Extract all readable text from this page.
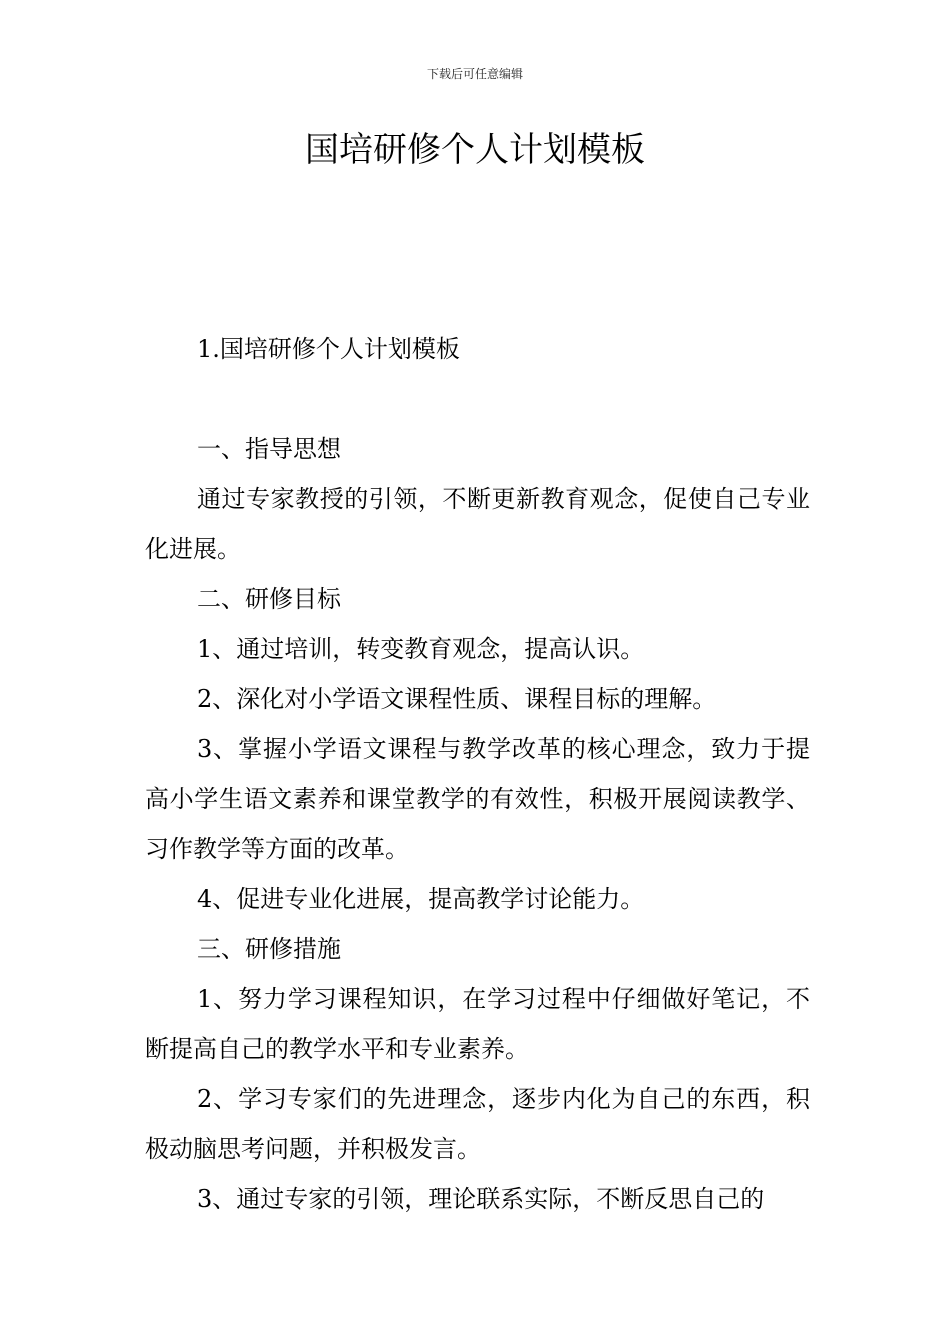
下载后可任意编辑
国培研修个人计划模板

1.国培研修个人计划模板

一、指导思想

通过专家教授的引领，不断更新教育观念，促使自己专业化进展。

二、研修目标

1、通过培训，转变教育观念，提高认识。

2、深化对小学语文课程性质、课程目标的理解。

3、掌握小学语文课程与教学改革的核心理念，致力于提高小学生语文素养和课堂教学的有效性，积极开展阅读教学、习作教学等方面的改革。

4、促进专业化进展，提高教学讨论能力。

三、研修措施

1、努力学习课程知识，在学习过程中仔细做好笔记，不断提高自己的教学水平和专业素养。

2、学习专家们的先进理念，逐步内化为自己的东西，积极动脑思考问题，并积极发言。

3、通过专家的引领，理论联系实际，不断反思自己的
